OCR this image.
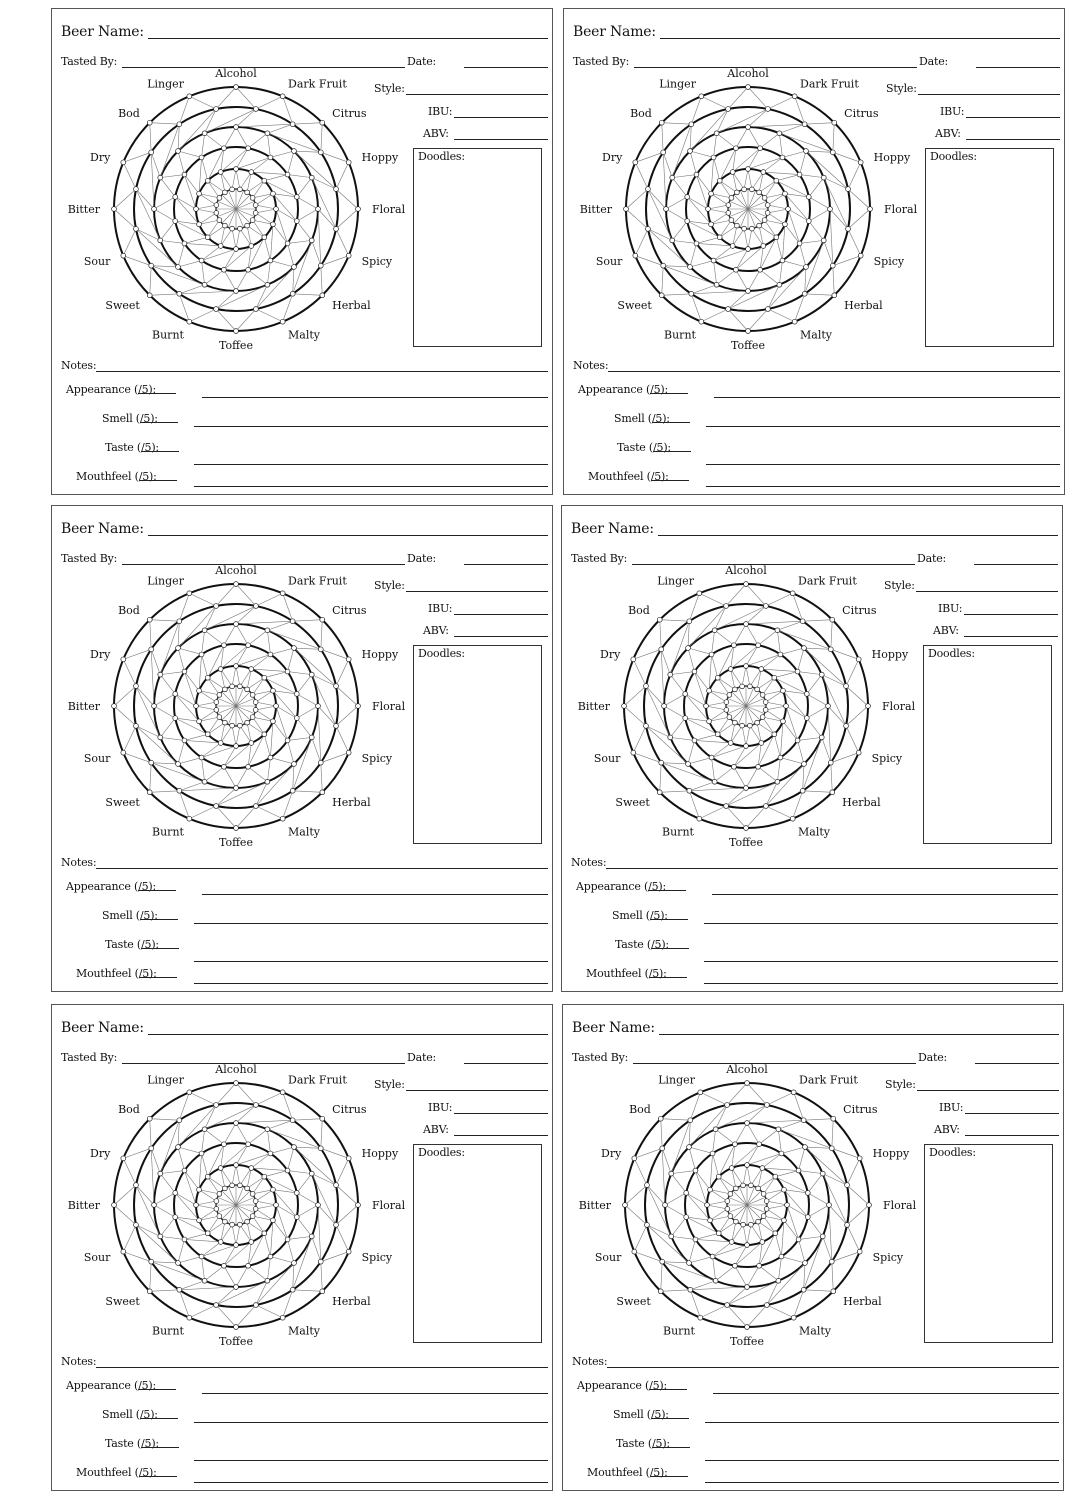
Beer Name:
Tasted By:	Date:
Style:
IBU:
ABV:
Doodles:
Alcohol
Dark Fruit
Citrus
Hoppy
Floral
Spicy
Herbal
Malty
Toffee
Burnt
Sweet
Sour
Bitter
Dry
Bod
Linger
Notes:
Appearance (
/5):
Smell (
/5):
Taste (
/5):
Mouthfeel (
/5):
Beer Name:
Tasted By:	Date:
Style:
IBU:
ABV:
Doodles:
Alcohol
Dark Fruit
Citrus
Hoppy
Floral
Spicy
Herbal
Malty
Toffee
Burnt
Sweet
Sour
Bitter
Dry
Bod
Linger
Notes:
Appearance (
/5):
Smell (
/5):
Taste (
/5):
Mouthfeel (
/5):
Beer Name:
Tasted By:	Date:
Style:
IBU:
ABV:
Doodles:
Alcohol
Dark Fruit
Citrus
Hoppy
Floral
Spicy
Herbal
Malty
Toffee
Burnt
Sweet
Sour
Bitter
Dry
Bod
Linger
Notes:
Appearance (
/5):
Smell (
/5):
Taste (
/5):
Mouthfeel (
/5):
Beer Name:
Tasted By:	Date:
Style:
IBU:
ABV:
Doodles:
Alcohol
Dark Fruit
Citrus
Hoppy
Floral
Spicy
Herbal
Malty
Toffee
Burnt
Sweet
Sour
Bitter
Dry
Bod
Linger
Notes:
Appearance (
/5):
Smell (
/5):
Taste (
/5):
Mouthfeel (
/5):
Beer Name:
Tasted By:	Date:
Style:
IBU:
ABV:
Doodles:
Alcohol
Dark Fruit
Citrus
Hoppy
Floral
Spicy
Herbal
Malty
Toffee
Burnt
Sweet
Sour
Bitter
Dry
Bod
Linger
Notes:
Appearance (
/5):
Smell (
/5):
Taste (
/5):
Mouthfeel (
/5):
Beer Name:
Tasted By:	Date:
Style:
IBU:
ABV:
Doodles:
Alcohol
Dark Fruit
Citrus
Hoppy
Floral
Spicy
Herbal
Malty
Toffee
Burnt
Sweet
Sour
Bitter
Dry
Bod
Linger
Notes:
Appearance (
/5):
Smell (
/5):
Taste (
/5):
Mouthfeel (
/5):
